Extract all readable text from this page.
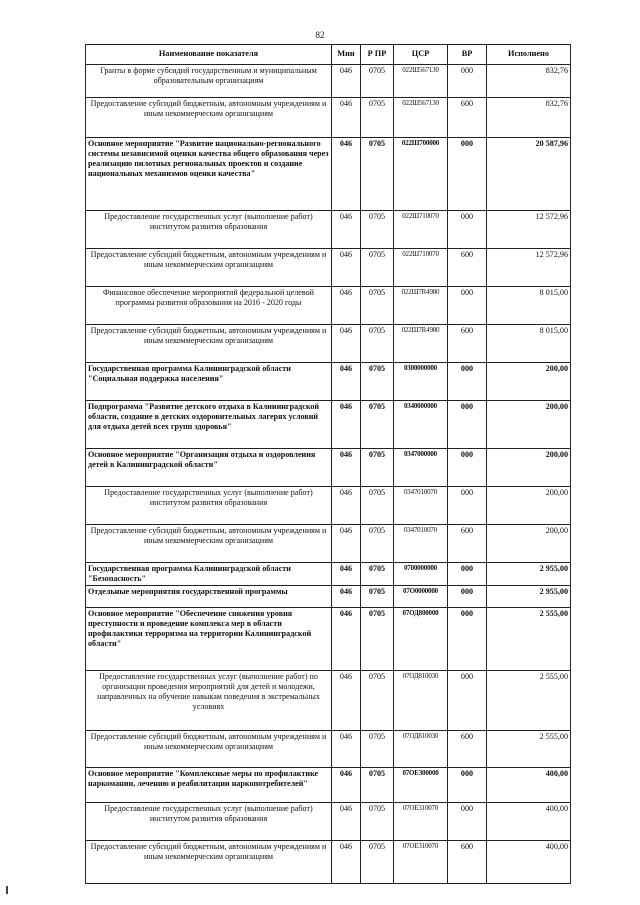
82
Наименование показателя	Мин	Р ПР	ЦСР	ВР	Исполнено
Гранты в форме субсидий государственным и муниципальным образовательным организациям	046	0705	022Ш567130	000	832,76
Предоставление субсидий бюджетным, автономным учреждениям и иным некоммерческим организациям	046	0705	022Ш567130	600	832,76
Основное мероприятие "Развитие национально-регионального системы независимой оценки качества общего образования через реализацию пилотных региональных проектов и создание национальных механизмов оценки качества"	046	0705	022Ш700000	000	20 587,96
Предоставление государственных услуг (выполнение работ) институтом развития образования	046	0705	022Ш710070	000	12 572,96
Предоставление субсидий бюджетным, автономным учреждениям и иным некоммерческим организациям	046	0705	022Ш710070	600	12 572,96
Финансовое обеспечение мероприятий федеральной целевой программы развития образования на 2016 - 2020 годы	046	0705	022Ш7R4980	000	8 015,00
Предоставление субсидий бюджетным, автономным учреждениям и иным некоммерческим организациям	046	0705	022Ш7R4980	600	8 015,00
Государственная программа Калининградской области "Социальная поддержка населения"	046	0705	0300000000	000	200,00
Подпрограмма "Развитие детского отдыха в Калининградской области, создание в детских оздоровительных лагерях условий для отдыха детей всех групп здоровья"	046	0705	0340000000	000	200,00
Основное мероприятие "Организация отдыха и оздоровления детей в Калининградской области"	046	0705	0347000000	000	200,00
Предоставление государственных услуг (выполнение работ) институтом развития образования	046	0705	0347010070	000	200,00
Предоставление субсидий бюджетным, автономным учреждениям и иным некоммерческим организациям	046	0705	0347010070	600	200,00
Государственная программа Калининградской области "Безопасность"	046	0705	0700000000	000	2 955,00
Отдельные мероприятия государственной программы	046	0705	07О0000000	000	2 955,00
Основное мероприятие "Обеспечение снижения уровня преступности и проведение комплекса мер в области профилактики терроризма на территории Калининградской области"	046	0705	07ОД800000	000	2 555,00
Предоставление государственных услуг (выполнение работ) по организации проведения мероприятий для детей и молодежи, направленных на обучение навыкам поведения в экстремальных условиях	046	0705	07ОД810030	000	2 555,00
Предоставление субсидий бюджетным, автономным учреждениям и иным некоммерческим организациям	046	0705	07ОД810030	600	2 555,00
Основное мероприятие "Комплексные меры по профилактике наркомании, лечению и реабилитации наркопотребителей"	046	0705	07ОЕ300000	000	400,00
Предоставление государственных услуг (выполнение работ) институтом развития образования	046	0705	07ОЕ310070	000	400,00
Предоставление субсидий бюджетным, автономным учреждениям и иным некоммерческим организациям	046	0705	07ОЕ310070	600	400,00
